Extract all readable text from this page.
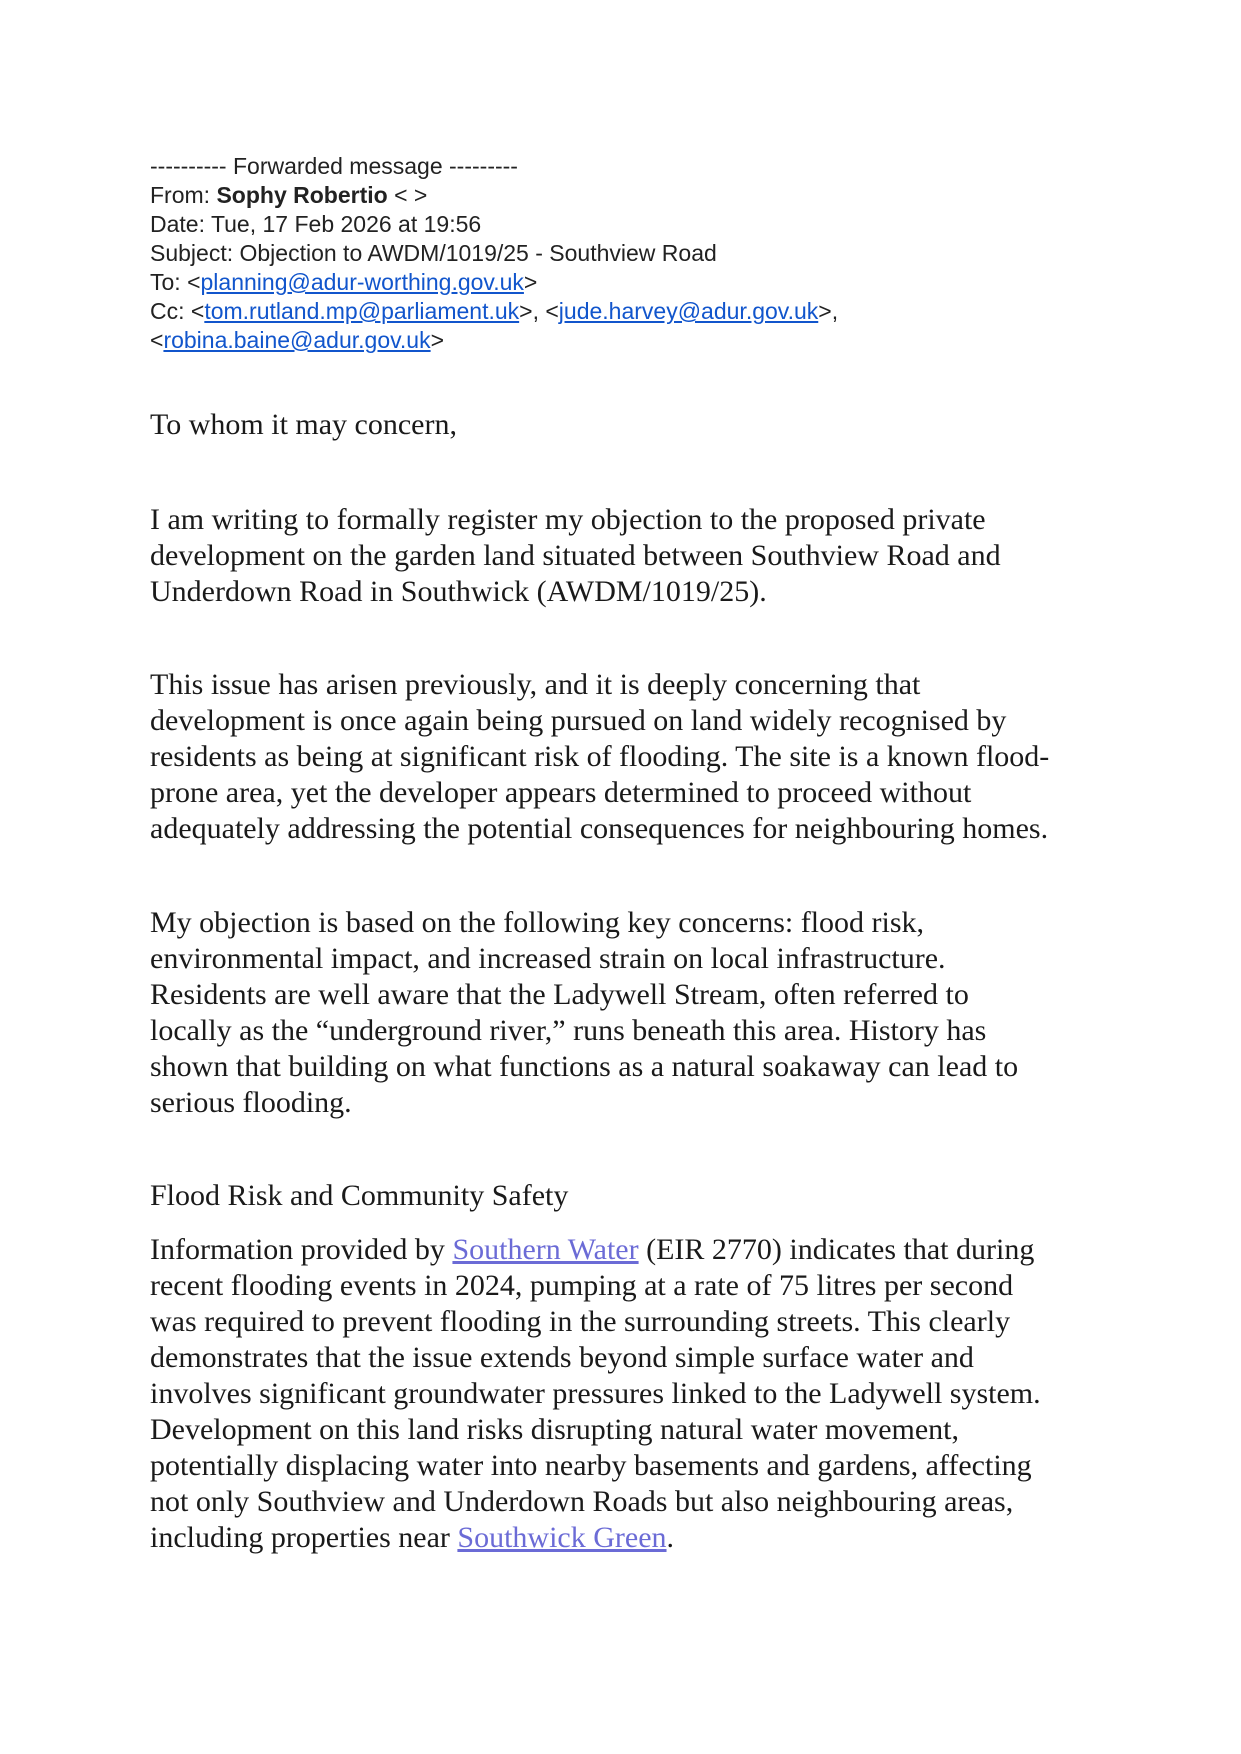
---------- Forwarded message ---------
From: Sophy Robertio < >
Date: Tue, 17 Feb 2026 at 19:56
Subject: Objection to AWDM/1019/25 - Southview Road
To: <planning@adur-worthing.gov.uk>
Cc: <tom.rutland.mp@parliament.uk>, <jude.harvey@adur.gov.uk>,
<robina.baine@adur.gov.uk>

To whom it may concern,

I am writing to formally register my objection to the proposed private
development on the garden land situated between Southview Road and
Underdown Road in Southwick (AWDM/1019/25).

This issue has arisen previously, and it is deeply concerning that
development is once again being pursued on land widely recognised by
residents as being at significant risk of flooding. The site is a known flood-
prone area, yet the developer appears determined to proceed without
adequately addressing the potential consequences for neighbouring homes.

My objection is based on the following key concerns: flood risk,
environmental impact, and increased strain on local infrastructure.
Residents are well aware that the Ladywell Stream, often referred to
locally as the “underground river,” runs beneath this area. History has
shown that building on what functions as a natural soakaway can lead to
serious flooding.

Flood Risk and Community Safety

Information provided by Southern Water (EIR 2770) indicates that during
recent flooding events in 2024, pumping at a rate of 75 litres per second
was required to prevent flooding in the surrounding streets. This clearly
demonstrates that the issue extends beyond simple surface water and
involves significant groundwater pressures linked to the Ladywell system.
Development on this land risks disrupting natural water movement,
potentially displacing water into nearby basements and gardens, affecting
not only Southview and Underdown Roads but also neighbouring areas,
including properties near Southwick Green.
